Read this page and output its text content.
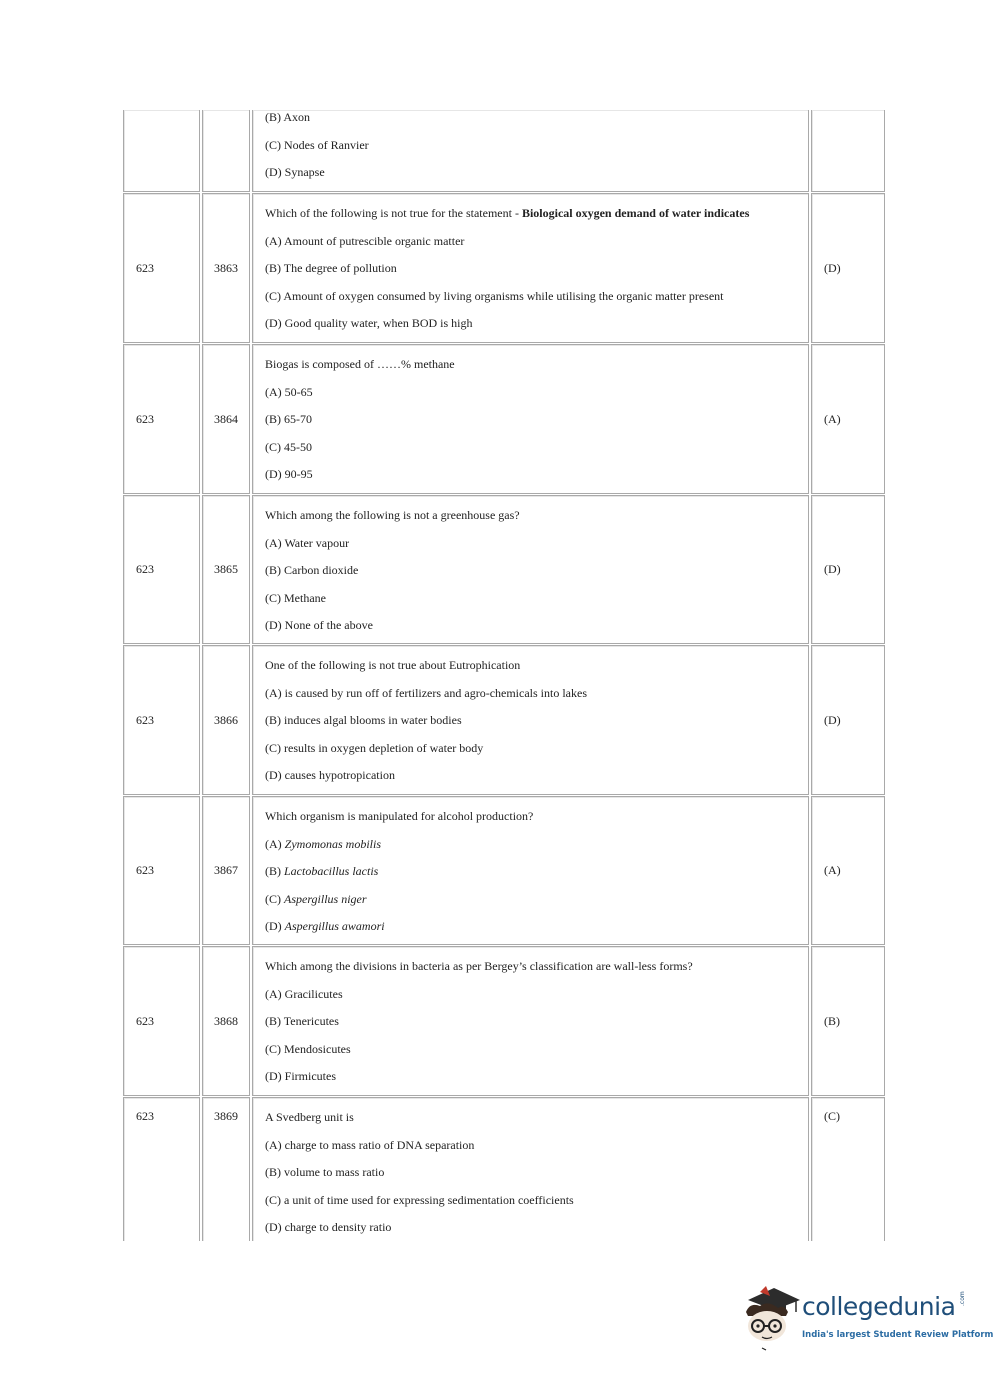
(B) Axon
(C) Nodes of Ranvier
(D) Synapse
623	3863
Which of the following is not true for the statement - Biological oxygen demand of water indicates
(A) Amount of putrescible organic matter
(B) The degree of pollution
(C) Amount of oxygen consumed by living organisms while utilising the organic matter present
(D) Good quality water, when BOD is high
(D)
623	3864
Biogas is composed of ……% methane
(A) 50-65
(B) 65-70
(C) 45-50
(D) 90-95
(A)
623	3865
Which among the following is not a greenhouse gas?
(A) Water vapour
(B) Carbon dioxide
(C) Methane
(D) None of the above
(D)
623	3866
One of the following is not true about Eutrophication
(A) is caused by run off of fertilizers and agro-chemicals into lakes
(B) induces algal blooms in water bodies
(C) results in oxygen depletion of water body
(D) causes hypotropication
(D)
623	3867
Which organism is manipulated for alcohol production?
(A) Zymomonas mobilis
(B) Lactobacillus lactis
(C) Aspergillus niger
(D) Aspergillus awamori
(A)
623	3868
Which among the divisions in bacteria as per Bergey’s classification are wall-less forms?
(A) Gracilicutes
(B) Tenericutes
(C) Mendosicutes
(D) Firmicutes
(B)
623	3869 A Svedberg unit is
(A) charge to mass ratio of DNA separation
(B) volume to mass ratio
(C) a unit of time used for expressing sedimentation coefficients
(D) charge to density ratio
(C)
collegedunia .com
India's largest Student Review Platform
